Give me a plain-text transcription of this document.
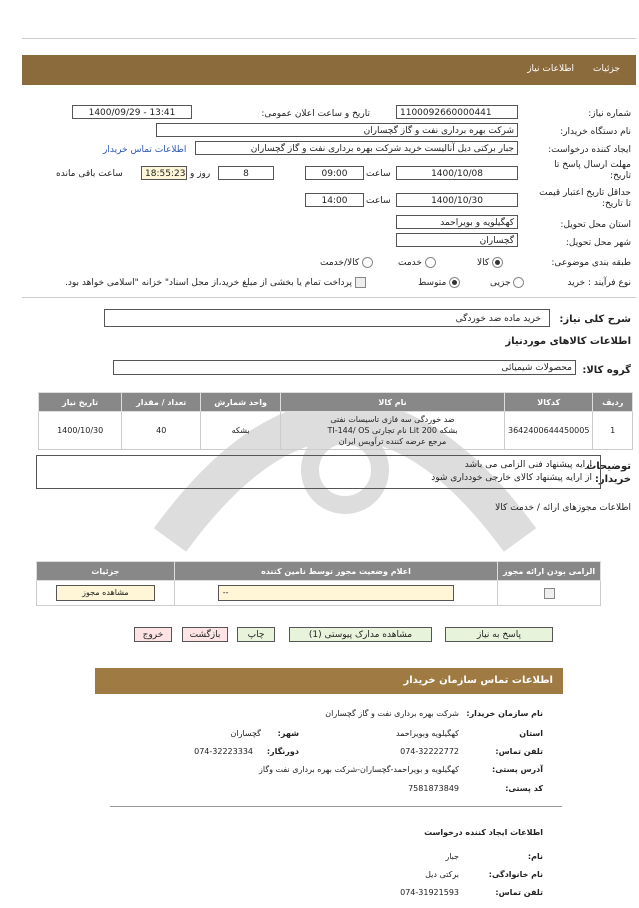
جزئیات
اطلاعات نیاز
شماره نیاز:
1100092660000441
تاریخ و ساعت اعلان عمومی:
1400/09/29 - 13:41
نام دستگاه خریدار:
شرکت بهره برداری نفت و گاز گچساران
ایجاد کننده درخواست:
جبار برکتی دیل آنالیست خرید شرکت بهره برداری نفت و گاز گچساران
اطلاعات تماس خریدار
مهلت ارسال پاسخ تا تاریخ:
1400/10/08
ساعت
09:00
8
روز و
18:55:23
ساعت باقی مانده
حداقل تاریخ اعتبار قیمت تا تاریخ:
1400/10/30
ساعت
14:00
استان محل تحویل:
کهگیلویه و بویراحمد
شهر محل تحویل:
گچساران
طبقه بندی موضوعی:
کالا
خدمت
کالا/خدمت
نوع فرآیند : خرید
جزیی
متوسط
پرداخت تمام یا بخشی از مبلغ خرید،از محل اسناد" خزانه "اسلامی خواهد بود.
شرح کلی نیاز:
خرید ماده ضد خوردگی
اطلاعات کالاهای موردنیاز
گروه کالا:
محصولات شیمیائی
ردیف	کدکالا	نام کالا	واحد شمارش	تعداد / مقدار	تاریخ نیاز
1	3642400644450005	ضد خوردگی سه فازی تاسیسات نفتی
بشکه 200 Lit نام تجارتی TI-144/ OS
مرجع عرضه کننده ترآویس ایران	بشکه	40	1400/10/30
توضیحات خریدار:
ارایه پیشنهاد فنی الزامی می باشد
از ارایه پیشنهاد کالای خارجی خودداری شود
اطلاعات مجوزهای ارائه / خدمت کالا
الزامی بودن ارائه مجوز	اعلام وضعیت مجوز توسط نامین کننده	جزئیات

	--	مشاهده مجوز
پاسخ به نیاز
مشاهده مدارک پیوستی (1)
چاپ
بازگشت
خروج
اطلاعات تماس سازمان خریدار
نام سازمان خریدار:
شرکت بهره برداری نفت و گاز گچساران
استان
کهگیلویه وبویراحمد
شهر:
گچساران
تلفن تماس:
074-32222772
دورنگار:
074-32223334
آدرس پستی:
کهگیلویه و بویراحمد-گچساران-شرکت بهره برداری نفت وگاز
کد پستی:
7581873849
اطلاعات ایجاد کننده درخواست
نام:
جبار
نام خانوادگی:
برکتی دیل
تلفن تماس:
074-31921593
